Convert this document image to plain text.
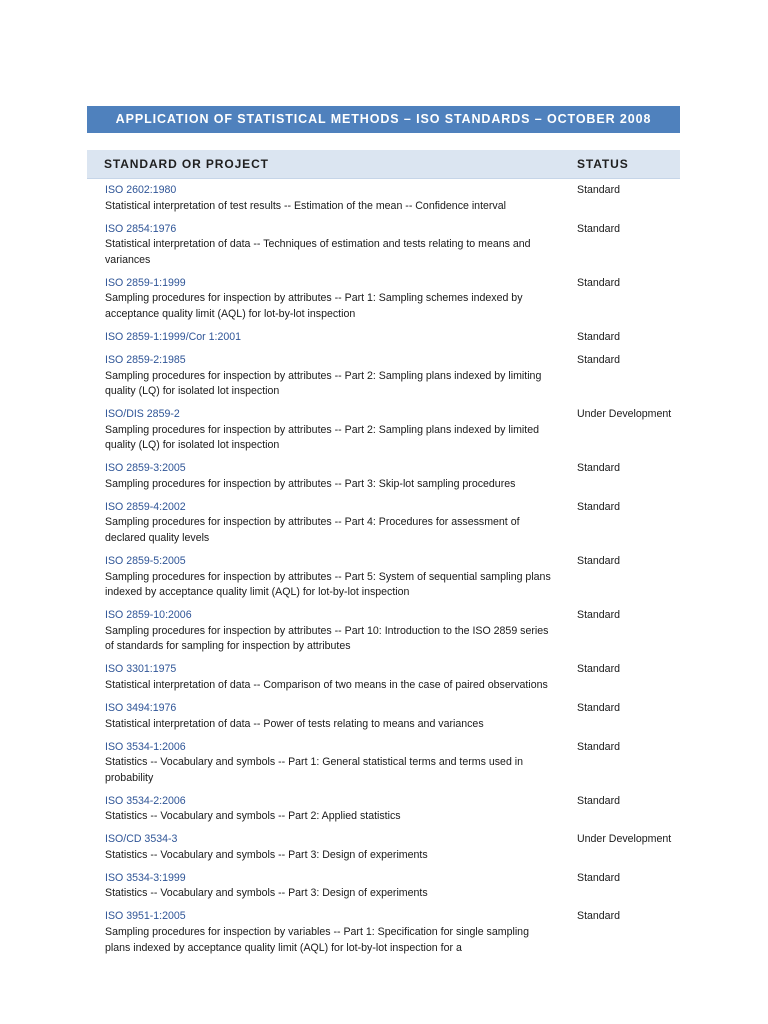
APPLICATION OF STATISTICAL METHODS – ISO STANDARDS – OCTOBER 2008
STANDARD OR PROJECT	STATUS
ISO 2602:1980
Statistical interpretation of test results -- Estimation of the mean -- Confidence interval
Standard
ISO 2854:1976
Statistical interpretation of data -- Techniques of estimation and tests relating to means and variances
Standard
ISO 2859-1:1999
Sampling procedures for inspection by attributes -- Part 1: Sampling schemes indexed by acceptance quality limit (AQL) for lot-by-lot inspection
Standard
ISO 2859-1:1999/Cor 1:2001	Standard
ISO 2859-2:1985
Sampling procedures for inspection by attributes -- Part 2: Sampling plans indexed by limiting quality (LQ) for isolated lot inspection
Standard
ISO/DIS 2859-2
Sampling procedures for inspection by attributes -- Part 2: Sampling plans indexed by limited quality (LQ) for isolated lot inspection
Under Development
ISO 2859-3:2005
Sampling procedures for inspection by attributes -- Part 3: Skip-lot sampling procedures
Standard
ISO 2859-4:2002
Sampling procedures for inspection by attributes -- Part 4: Procedures for assessment of declared quality levels
Standard
ISO 2859-5:2005
Sampling procedures for inspection by attributes -- Part 5: System of sequential sampling plans indexed by acceptance quality limit (AQL) for lot-by-lot inspection
Standard
ISO 2859-10:2006
Sampling procedures for inspection by attributes -- Part 10: Introduction to the ISO 2859 series of standards for sampling for inspection by attributes
Standard
ISO 3301:1975
Statistical interpretation of data -- Comparison of two means in the case of paired observations
Standard
ISO 3494:1976
Statistical interpretation of data -- Power of tests relating to means and variances
Standard
ISO 3534-1:2006
Statistics -- Vocabulary and symbols -- Part 1: General statistical terms and terms used in probability
Standard
ISO 3534-2:2006
Statistics -- Vocabulary and symbols -- Part 2: Applied statistics
Standard
ISO/CD 3534-3
Statistics -- Vocabulary and symbols -- Part 3: Design of experiments
Under Development
ISO 3534-3:1999
Statistics -- Vocabulary and symbols -- Part 3: Design of experiments
Standard
ISO 3951-1:2005
Sampling procedures for inspection by variables -- Part 1: Specification for single sampling plans indexed by acceptance quality limit (AQL) for lot-by-lot inspection for a
Standard
